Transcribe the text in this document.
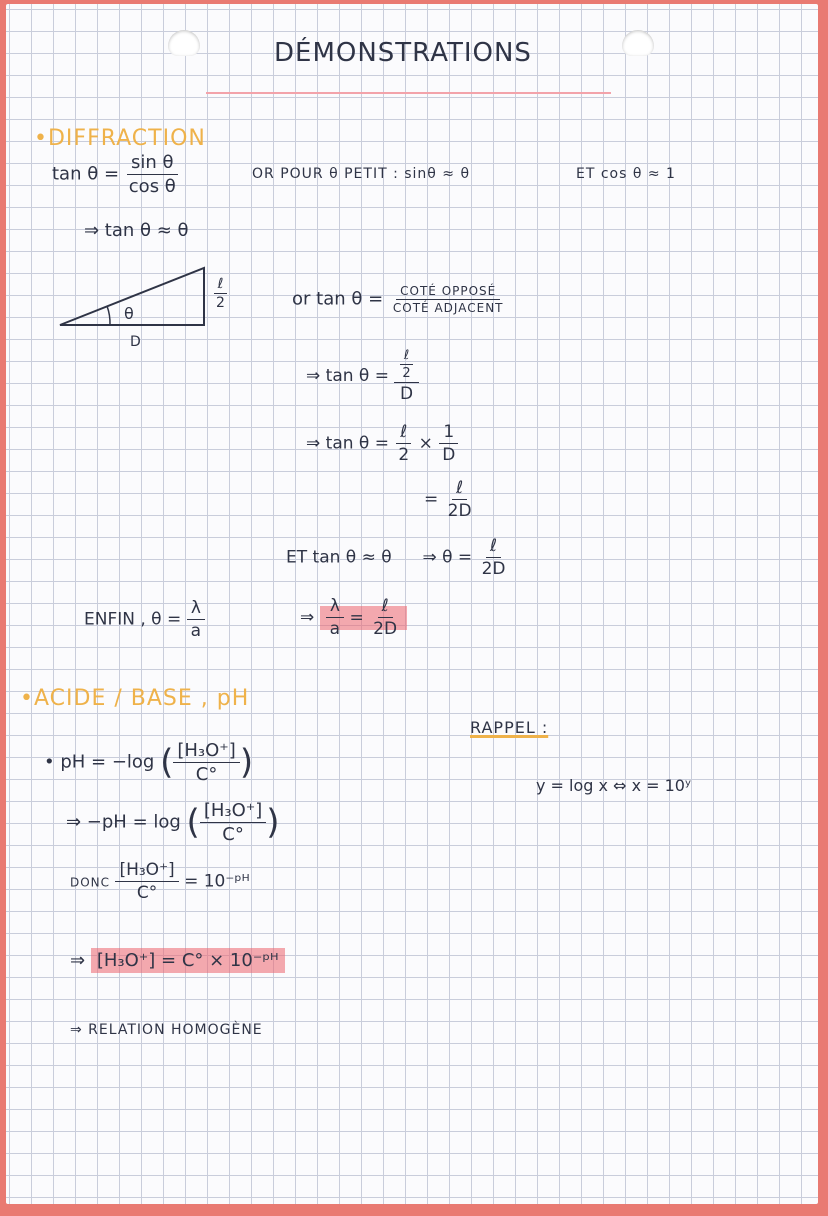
DÉMONSTRATIONS
•DIFFRACTION
$\tan \theta = \frac{\text{sin θ}}{\text{cos θ}}$	OR POUR θ PETIT : sinθ ≈ θ	ET cos θ ≈ 1
⇒ tan θ ≈ θ
θ
$\frac{\text{ℓ}}{2}$
D
or $\tan \theta = \frac{\text{COTÉ OPPOSÉ}}{\text{COTÉ ADJACENT}}$
⇒ $\tan \theta = \frac{\frac{\text{ℓ}}{2}}{D}$
⇒ $\tan \theta = \frac{\text{ℓ}}{2} \times \frac{1}{D}$
= $\frac{\text{ℓ}}{2D}$
ET tan θ ≈ θ ⇒ $\theta = \frac{\text{ℓ}}{2D}$
ENFIN , $\theta = \frac{\lambda}{a}$	⇒ $\frac{\lambda}{a} = \frac{\text{ℓ}}{2D}$
•ACIDE / BASE , pH
RAPPEL :
y = log x ⇔ x = 10ʸ
• pH = −log ( $\frac{\text{[H₃O⁺]}}{C^\circ}$ )
⇒ −pH = log ( $\frac{\text{[H₃O⁺]}}{C^\circ}$ )
DONC $\frac{\text{[H₃O⁺]}}{C^\circ}$ = 10⁻ᵖᴴ
⇒ [H₃O⁺] = C° × 10⁻ᵖᴴ
⇒ RELATION HOMOGÈNE
